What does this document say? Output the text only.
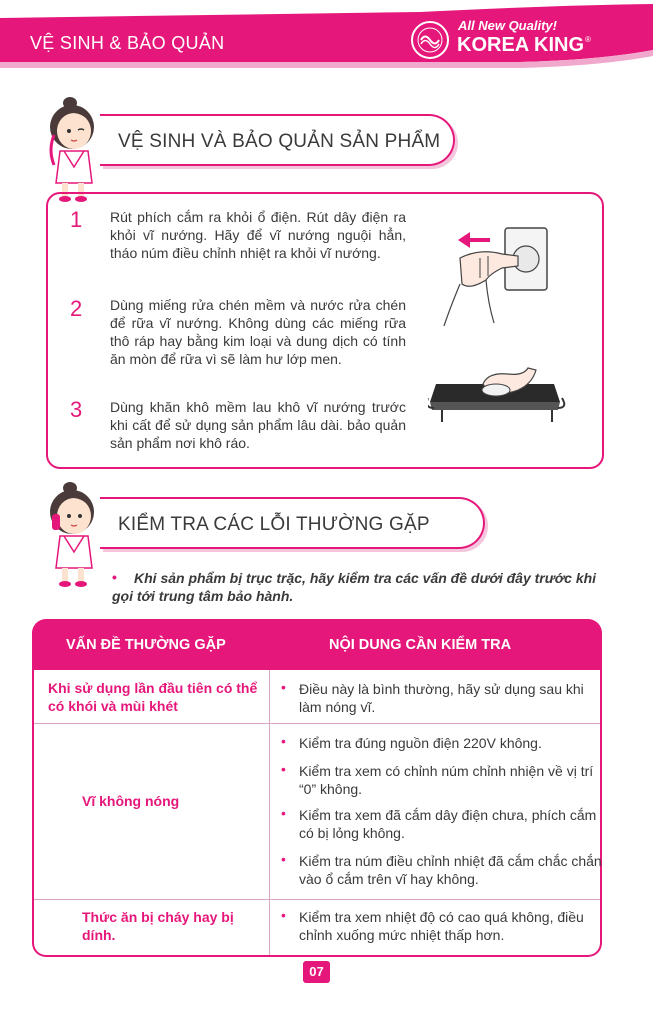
VỆ SINH & BẢO QUẢN
All New Quality!
KOREA KING ®
VỆ SINH VÀ BẢO QUẢN SẢN PHẨM
1 Rút phích cắm ra khỏi ổ điện. Rút dây điện ra khỏi vĩ nướng. Hãy để vĩ nướng nguội hẳn, tháo núm điều chỉnh nhiệt ra khỏi vĩ nướng.
2 Dùng miếng rửa chén mềm và nước rửa chén để rữa vĩ nướng. Không dùng các miếng rữa thô ráp hay bằng kim loại và dung dịch có tính ăn mòn để rữa vì sẽ làm hư lớp men.
3 Dùng khăn khô mềm lau khô vĩ nướng trước khi cất để sử dụng sản phẩm lâu dài. bảo quản sản phẩm nơi khô ráo.
KIỂM TRA CÁC LỖI THƯỜNG GẶP
•	Khi sản phẩm bị trục trặc, hãy kiểm tra các vấn đề dưới đây trước khi gọi tới trung tâm bảo hành.
VẤN ĐỀ THƯỜNG GẶP	NỘI DUNG CẦN KIỂM TRA
Khi sử dụng lần đầu tiên có thể có khói và mùi khét
• Điều này là bình thường, hãy sử dụng sau khi làm nóng vĩ.
Vĩ không nóng
• Kiểm tra đúng nguồn điện 220V không.
• Kiểm tra xem có chỉnh núm chỉnh nhiện về vị trí “0” không.
• Kiểm tra xem đã cắm dây điện chưa, phích cắm có bị lỏng không.
• Kiểm tra núm điều chỉnh nhiệt đã cắm chắc chắn vào ổ cắm trên vĩ hay không.
Thức ăn bị cháy hay bị dính.
• Kiểm tra xem nhiệt độ có cao quá không, điều chỉnh xuống mức nhiệt thấp hơn.
07
